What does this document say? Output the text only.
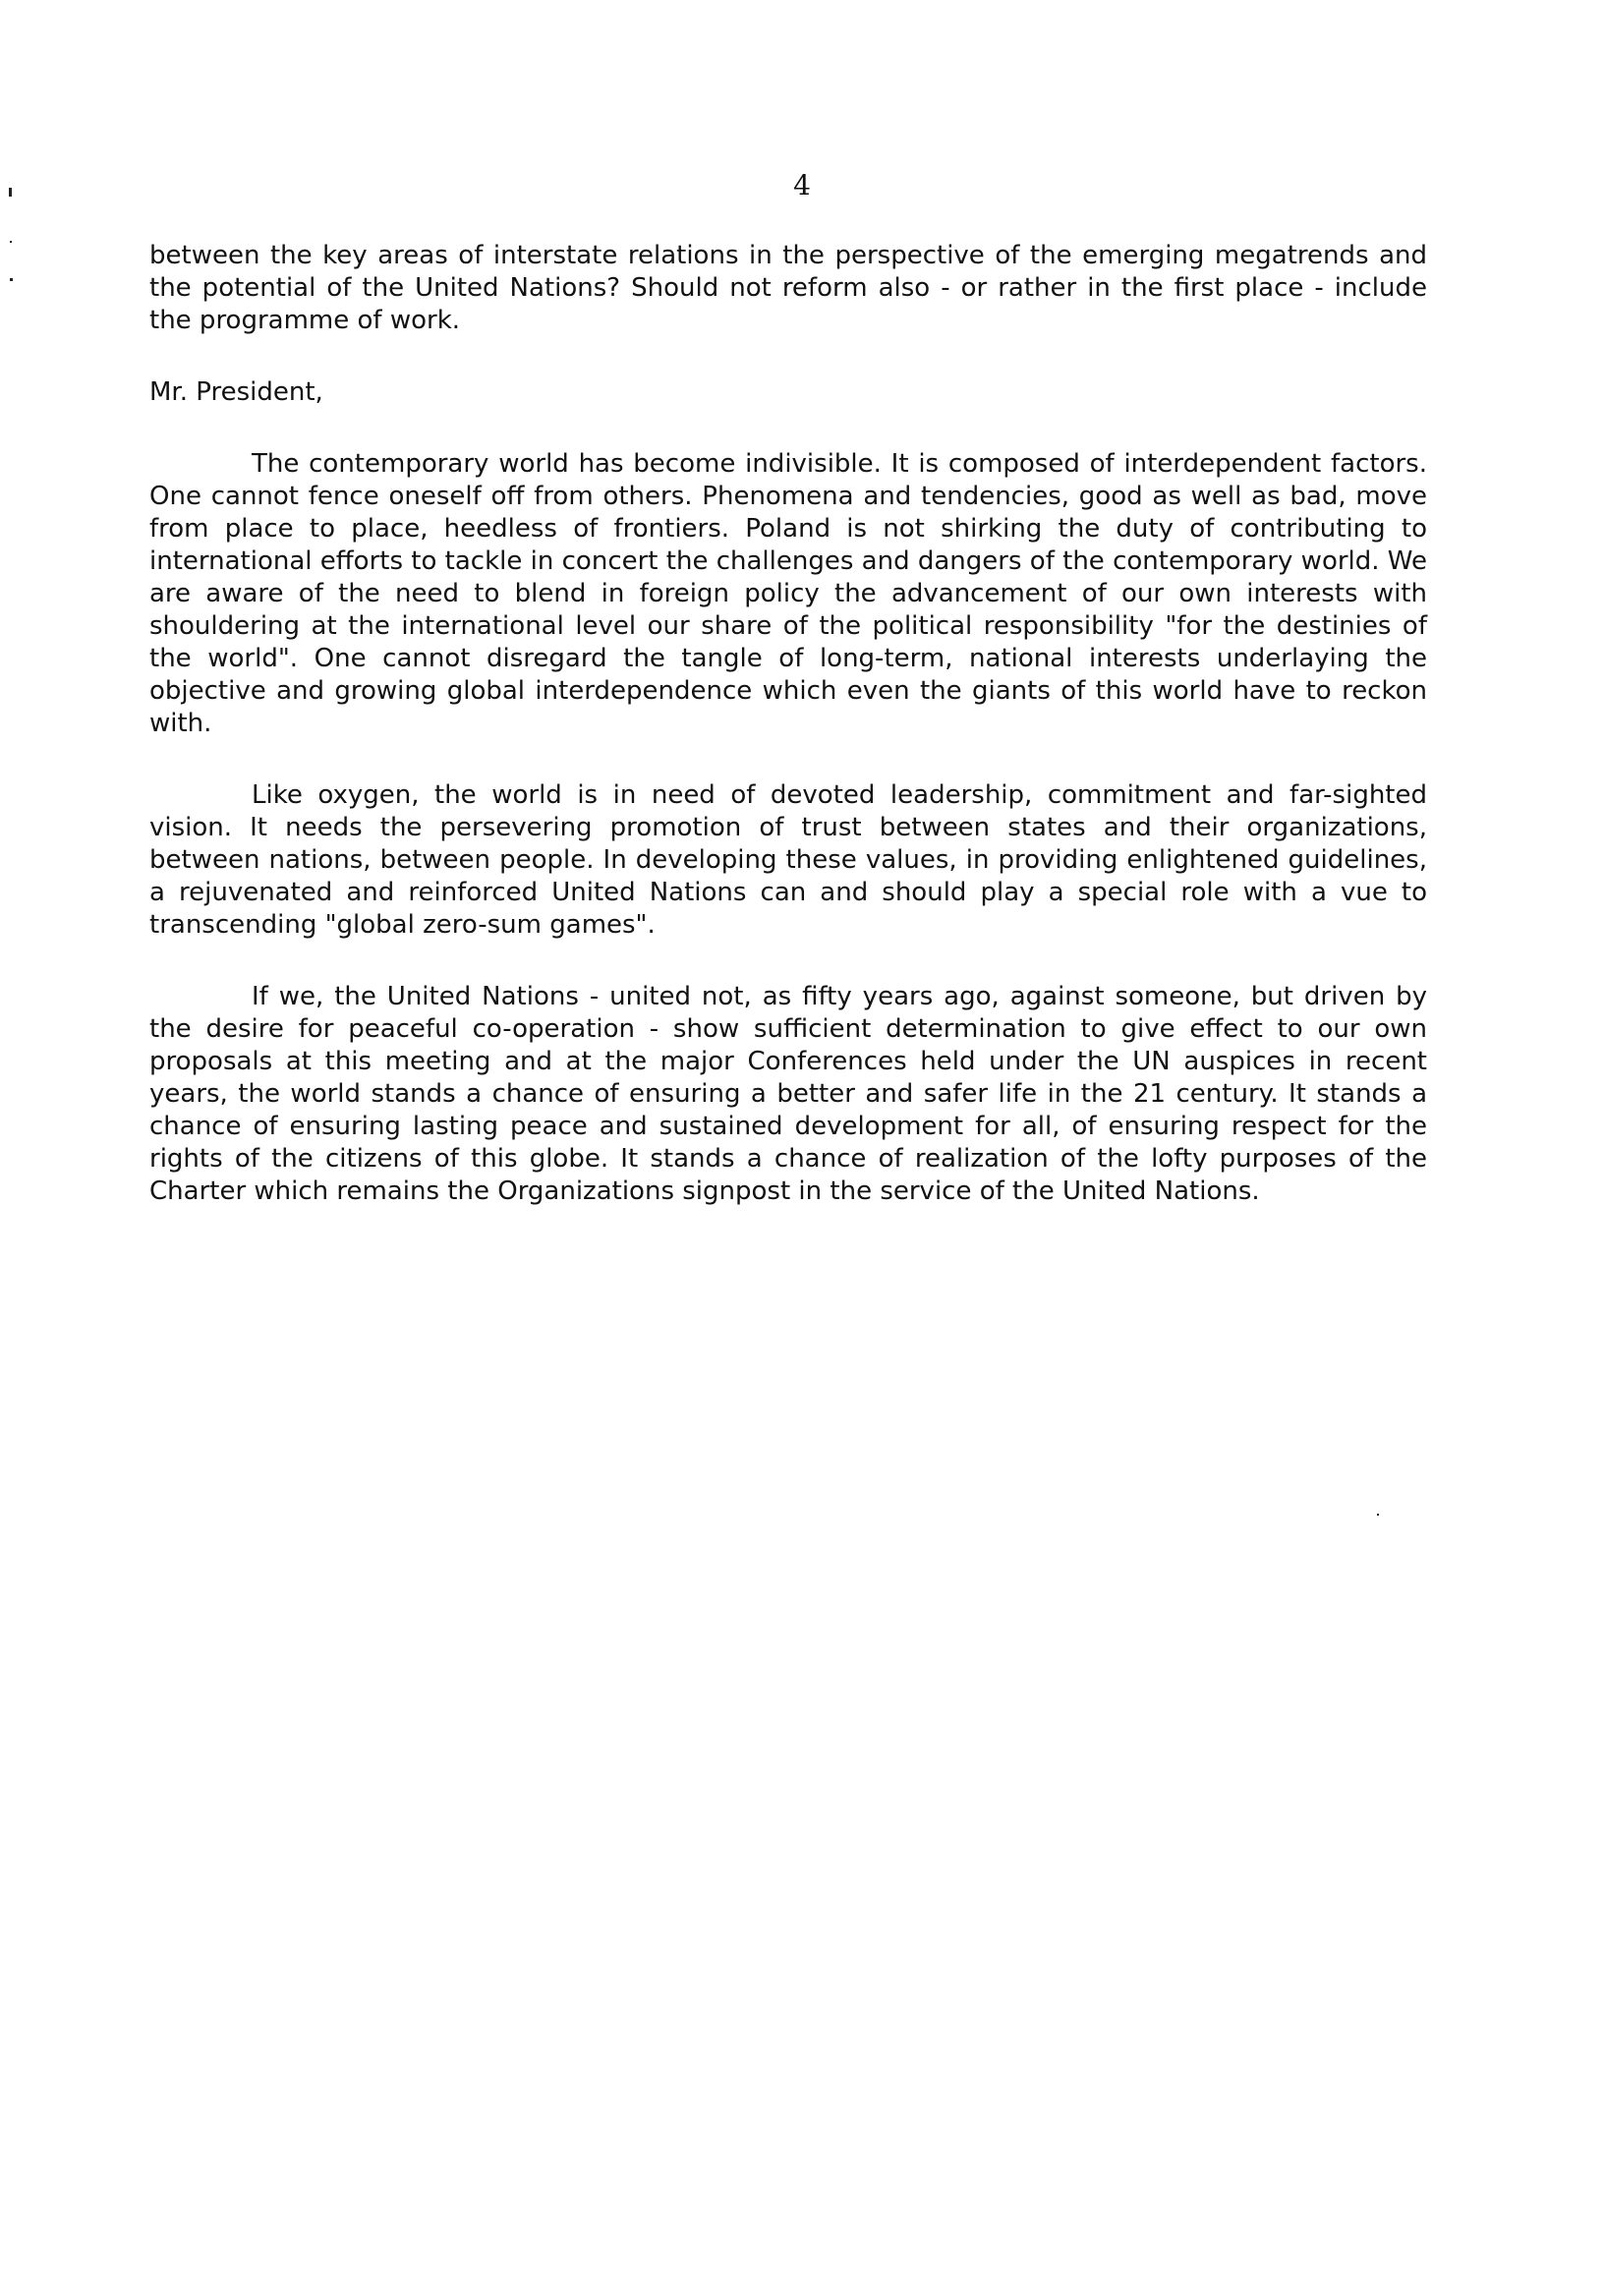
4

between the key areas of interstate relations in the perspective of the emerging megatrends and the potential of the United Nations? Should not reform also - or rather in the first place - include the programme of work.

Mr. President,

The contemporary world has become indivisible. It is composed of interdependent factors. One cannot fence oneself off from others. Phenomena and tendencies, good as well as bad, move from place to place, heedless of frontiers. Poland is not shirking the duty of contributing to international efforts to tackle in concert the challenges and dangers of the contemporary world. We are aware of the need to blend in foreign policy the advancement of our own interests with shouldering at the international level our share of the political responsibility "for the destinies of the world". One cannot disregard the tangle of long-term, national interests underlaying the objective and growing global interdependence which even the giants of this world have to reckon with.

Like oxygen, the world is in need of devoted leadership, commitment and far-sighted vision. It needs the persevering promotion of trust between states and their organizations, between nations, between people. In developing these values, in providing enlightened guidelines, a rejuvenated and reinforced United Nations can and should play a special role with a vue to transcending "global zero-sum games".

If we, the United Nations - united not, as fifty years ago, against someone, but driven by the desire for peaceful co-operation - show sufficient determination to give effect to our own proposals at this meeting and at the major Conferences held under the UN auspices in recent years, the world stands a chance of ensuring a better and safer life in the 21 century. It stands a chance of ensuring lasting peace and sustained development for all, of ensuring respect for the rights of the citizens of this globe. It stands a chance of realization of the lofty purposes of the Charter which remains the Organizations signpost in the service of the United Nations.
